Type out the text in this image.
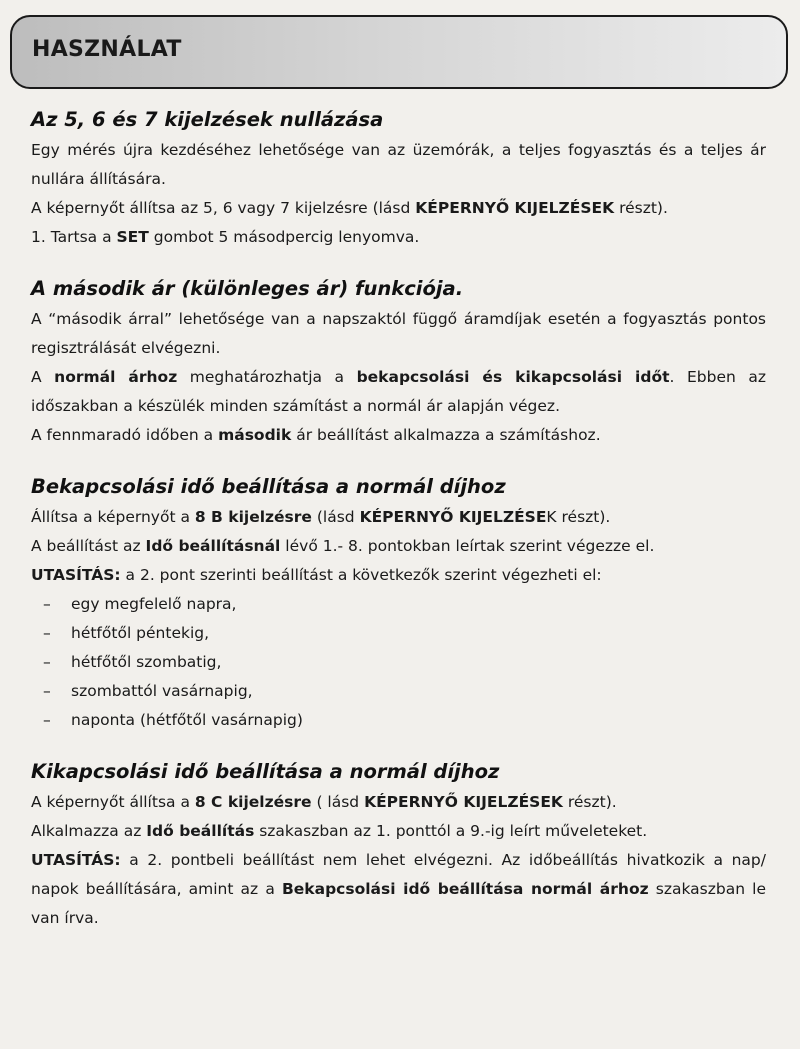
HASZNÁLAT
Az 5, 6 és 7 kijelzések nullázása

Egy mérés újra kezdéséhez lehetősége van az üzemórák, a teljes fogyasztás és a teljes ár nullára állítására.

A képernyőt állítsa az 5, 6 vagy 7 kijelzésre (lásd KÉPERNYŐ KIJELZÉSEK részt).

1. Tartsa a SET gombot 5 másodpercig lenyomva.

A második ár (különleges ár) funkciója.

A “második árral” lehetősége van a napszaktól függő áramdíjak esetén a fogyasztás pontos regisztrálását elvégezni.

A normál árhoz meghatározhatja a bekapcsolási és kikapcsolási időt. Ebben az időszakban a készülék minden számítást a normál ár alapján végez.

A fennmaradó időben a második ár beállítást alkalmazza a számításhoz.

Bekapcsolási idő beállítása a normál díjhoz

Állítsa a képernyőt a 8 B kijelzésre (lásd KÉPERNYŐ KIJELZÉSEK részt).

A beállítást az Idő beállításnál lévő 1.- 8. pontokban leírtak szerint végezze el.

UTASÍTÁS: a 2. pont szerinti beállítást a következők szerint végezheti el:

– egy megfelelő napra,

– hétfőtől péntekig,

– hétfőtől szombatig,

– szombattól vasárnapig,

– naponta (hétfőtől vasárnapig)

Kikapcsolási idő beállítása a normál díjhoz

A képernyőt állítsa a 8 C kijelzésre ( lásd KÉPERNYŐ KIJELZÉSEK részt).

Alkalmazza az Idő beállítás szakaszban az 1. ponttól a 9.-ig leírt műveleteket.

UTASÍTÁS: a 2. pontbeli beállítást nem lehet elvégezni. Az időbeállítás hivatkozik a nap/ napok beállítására, amint az a Bekapcsolási idő beállítása normál árhoz szakaszban le van írva.
